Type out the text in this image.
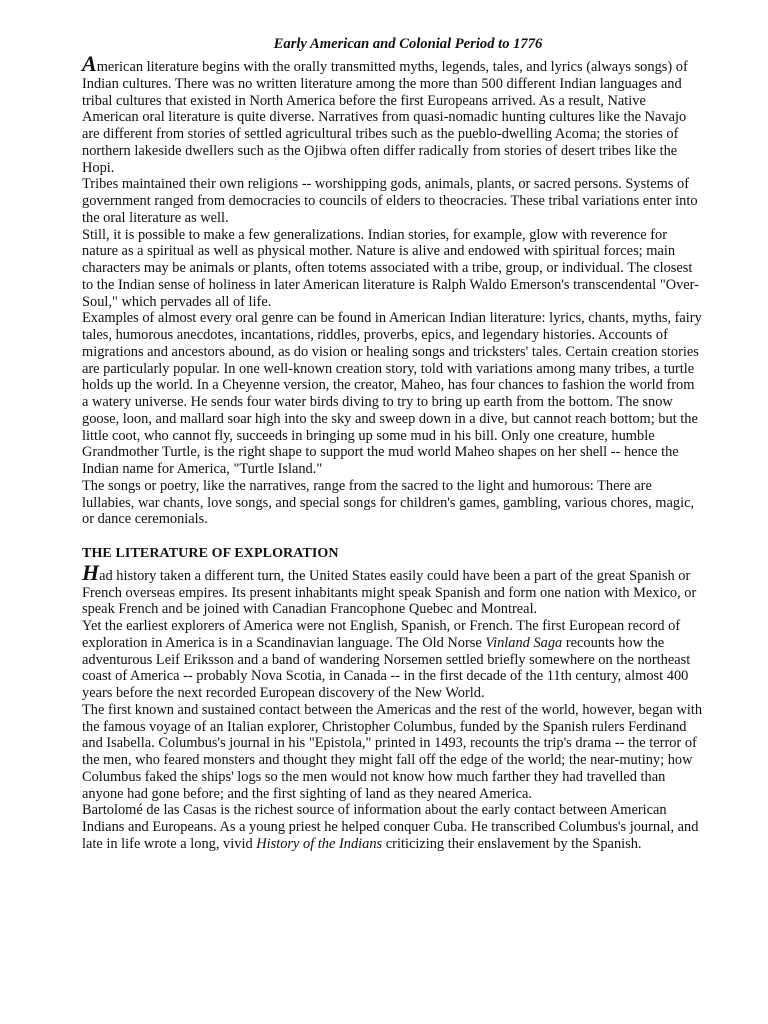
Early American and Colonial Period to 1776

American literature begins with the orally transmitted myths, legends, tales, and lyrics (always songs) of Indian cultures. There was no written literature among the more than 500 different Indian languages and tribal cultures that existed in North America before the first Europeans arrived. As a result, Native American oral literature is quite diverse. Narratives from quasi-nomadic hunting cultures like the Navajo are different from stories of settled agricultural tribes such as the pueblo-dwelling Acoma; the stories of northern lakeside dwellers such as the Ojibwa often differ radically from stories of desert tribes like the Hopi.

Tribes maintained their own religions -- worshipping gods, animals, plants, or sacred persons. Systems of government ranged from democracies to councils of elders to theocracies. These tribal variations enter into the oral literature as well.

Still, it is possible to make a few generalizations. Indian stories, for example, glow with reverence for nature as a spiritual as well as physical mother. Nature is alive and endowed with spiritual forces; main characters may be animals or plants, often totems associated with a tribe, group, or individual. The closest to the Indian sense of holiness in later American literature is Ralph Waldo Emerson's transcendental "Over-Soul," which pervades all of life.

Examples of almost every oral genre can be found in American Indian literature: lyrics, chants, myths, fairy tales, humorous anecdotes, incantations, riddles, proverbs, epics, and legendary histories. Accounts of migrations and ancestors abound, as do vision or healing songs and tricksters' tales. Certain creation stories are particularly popular. In one well-known creation story, told with variations among many tribes, a turtle holds up the world. In a Cheyenne version, the creator, Maheo, has four chances to fashion the world from a watery universe. He sends four water birds diving to try to bring up earth from the bottom. The snow goose, loon, and mallard soar high into the sky and sweep down in a dive, but cannot reach bottom; but the little coot, who cannot fly, succeeds in bringing up some mud in his bill. Only one creature, humble Grandmother Turtle, is the right shape to support the mud world Maheo shapes on her shell -- hence the Indian name for America, "Turtle Island."

The songs or poetry, like the narratives, range from the sacred to the light and humorous: There are lullabies, war chants, love songs, and special songs for children's games, gambling, various chores, magic, or dance ceremonials.

THE LITERATURE OF EXPLORATION

Had history taken a different turn, the United States easily could have been a part of the great Spanish or French overseas empires. Its present inhabitants might speak Spanish and form one nation with Mexico, or speak French and be joined with Canadian Francophone Quebec and Montreal.

Yet the earliest explorers of America were not English, Spanish, or French. The first European record of exploration in America is in a Scandinavian language. The Old Norse Vinland Saga recounts how the adventurous Leif Eriksson and a band of wandering Norsemen settled briefly somewhere on the northeast coast of America -- probably Nova Scotia, in Canada -- in the first decade of the 11th century, almost 400 years before the next recorded European discovery of the New World.

The first known and sustained contact between the Americas and the rest of the world, however, began with the famous voyage of an Italian explorer, Christopher Columbus, funded by the Spanish rulers Ferdinand and Isabella. Columbus's journal in his "Epistola," printed in 1493, recounts the trip's drama -- the terror of the men, who feared monsters and thought they might fall off the edge of the world; the near-mutiny; how Columbus faked the ships' logs so the men would not know how much farther they had travelled than anyone had gone before; and the first sighting of land as they neared America.

Bartolomé de las Casas is the richest source of information about the early contact between American Indians and Europeans. As a young priest he helped conquer Cuba. He transcribed Columbus's journal, and late in life wrote a long, vivid History of the Indians criticizing their enslavement by the Spanish.
